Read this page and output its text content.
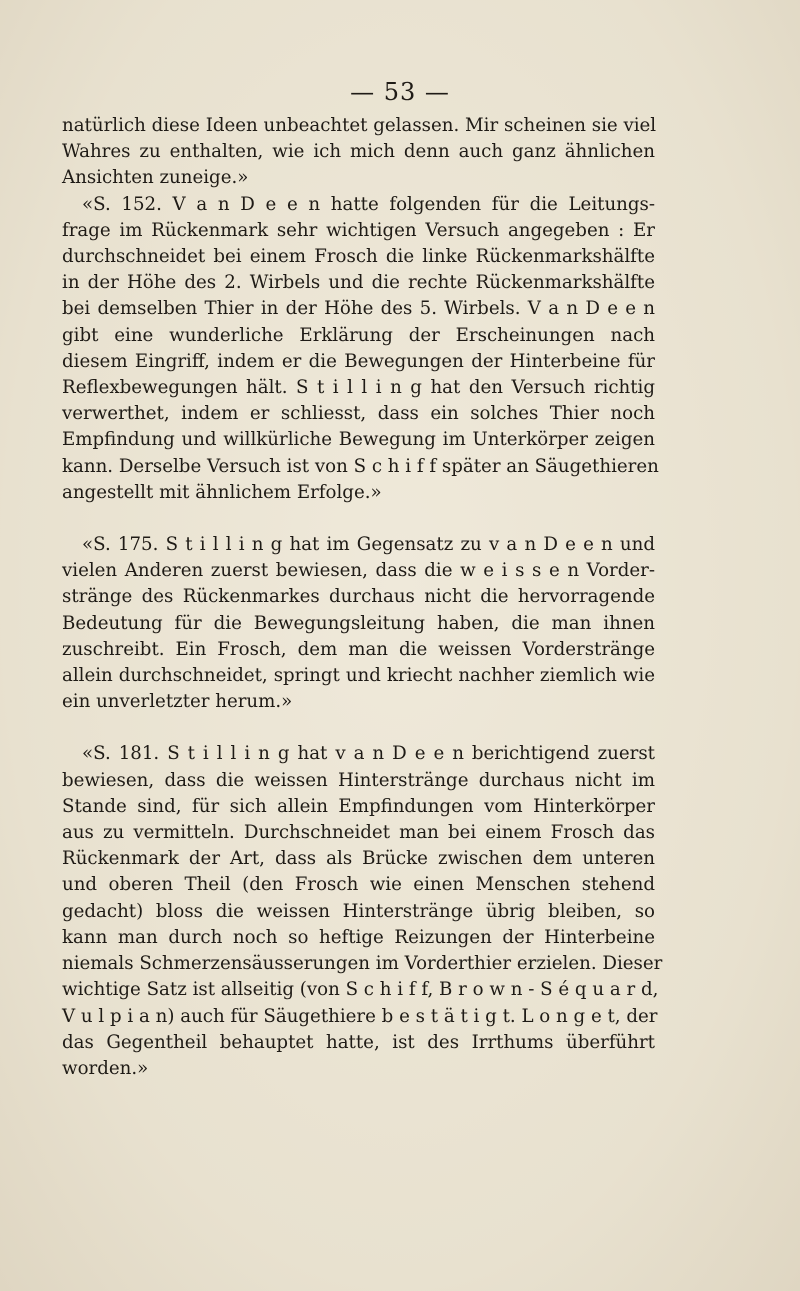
— 53 —
natürlich diese Ideen unbeachtet gelassen. Mir scheinen sie viel
Wahres zu enthalten, wie ich mich denn auch ganz ähnlichen
Ansichten zuneige.»
«S. 152. V a n D e e n hatte folgenden für die Leitungs-
frage im Rückenmark sehr wichtigen Versuch angegeben : Er
durchschneidet bei einem Frosch die linke Rückenmarkshälfte
in der Höhe des 2. Wirbels und die rechte Rückenmarkshälfte
bei demselben Thier in der Höhe des 5. Wirbels. V a n D e e n
gibt eine wunderliche Erklärung der Erscheinungen nach
diesem Eingriff, indem er die Bewegungen der Hinterbeine für
Reflexbewegungen hält. S t i l l i n g hat den Versuch richtig
verwerthet, indem er schliesst, dass ein solches Thier noch
Empfindung und willkürliche Bewegung im Unterkörper zeigen
kann. Derselbe Versuch ist von S c h i f f später an Säugethieren
angestellt mit ähnlichem Erfolge.»
«S. 175. S t i l l i n g hat im Gegensatz zu v a n D e e n und
vielen Anderen zuerst bewiesen, dass die w e i s s e n Vorder-
stränge des Rückenmarkes durchaus nicht die hervorragende
Bedeutung für die Bewegungsleitung haben, die man ihnen
zuschreibt. Ein Frosch, dem man die weissen Vorderstränge
allein durchschneidet, springt und kriecht nachher ziemlich wie
ein unverletzter herum.»
«S. 181. S t i l l i n g hat v a n D e e n berichtigend zuerst
bewiesen, dass die weissen Hinterstränge durchaus nicht im
Stande sind, für sich allein Empfindungen vom Hinterkörper
aus zu vermitteln. Durchschneidet man bei einem Frosch das
Rückenmark der Art, dass als Brücke zwischen dem unteren
und oberen Theil (den Frosch wie einen Menschen stehend
gedacht) bloss die weissen Hinterstränge übrig bleiben, so
kann man durch noch so heftige Reizungen der Hinterbeine
niemals Schmerzensäusserungen im Vorderthier erzielen. Dieser
wichtige Satz ist allseitig (von S c h i f f, B r o w n - S é q u a r d,
V u l p i a n) auch für Säugethiere b e s t ä t i g t. L o n g e t, der
das Gegentheil behauptet hatte, ist des Irrthums überführt
worden.»
